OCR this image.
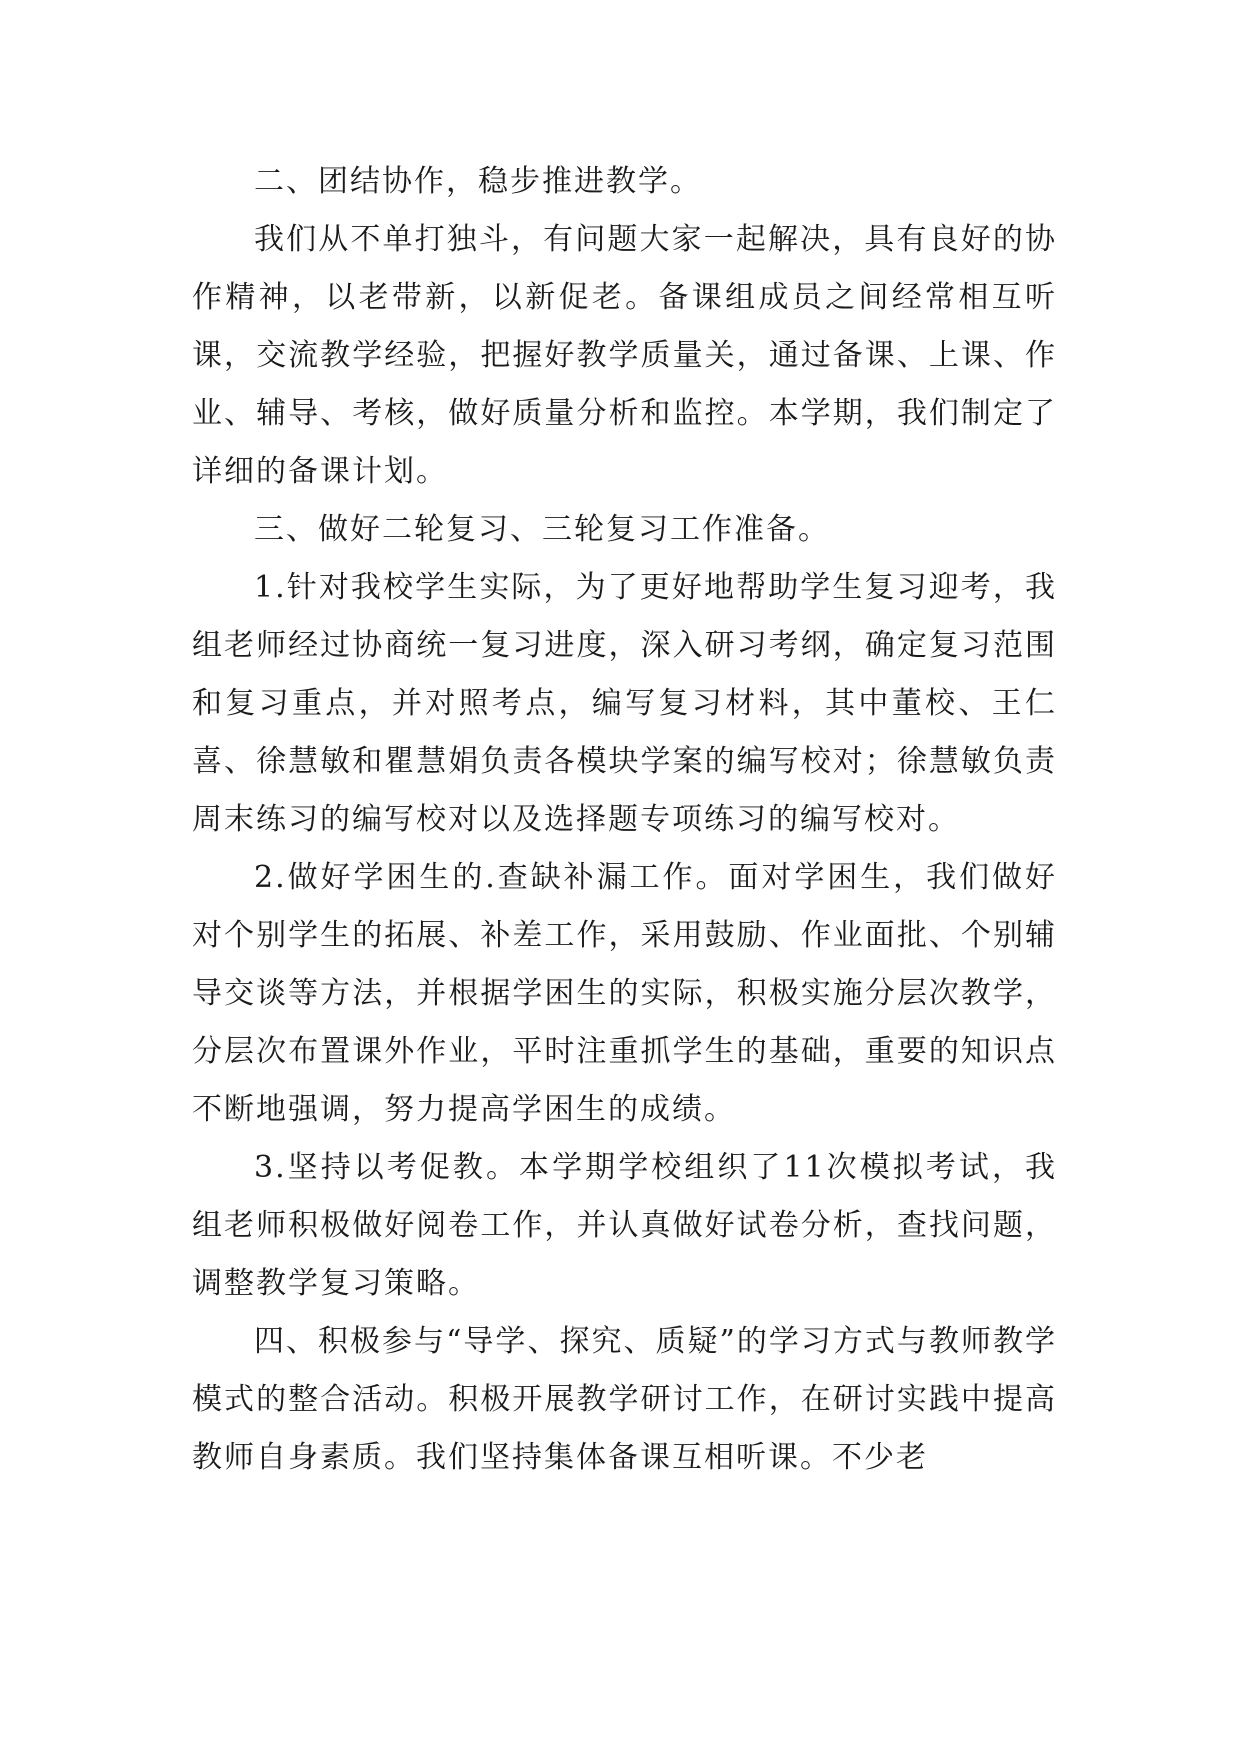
二、团结协作，稳步推进教学。

我们从不单打独斗，有问题大家一起解决，具有良好的协作精神，以老带新，以新促老。备课组成员之间经常相互听课，交流教学经验，把握好教学质量关，通过备课、上课、作业、辅导、考核，做好质量分析和监控。本学期，我们制定了详细的备课计划。

三、做好二轮复习、三轮复习工作准备。

1.针对我校学生实际，为了更好地帮助学生复习迎考，我组老师经过协商统一复习进度，深入研习考纲，确定复习范围和复习重点，并对照考点，编写复习材料，其中董校、王仁喜、徐慧敏和瞿慧娟负责各模块学案的编写校对；徐慧敏负责周末练习的编写校对以及选择题专项练习的编写校对。

2.做好学困生的.查缺补漏工作。面对学困生，我们做好对个别学生的拓展、补差工作，采用鼓励、作业面批、个别辅导交谈等方法，并根据学困生的实际，积极实施分层次教学，分层次布置课外作业，平时注重抓学生的基础，重要的知识点不断地强调，努力提高学困生的成绩。

3.坚持以考促教。本学期学校组织了11次模拟考试，我组老师积极做好阅卷工作，并认真做好试卷分析，查找问题，调整教学复习策略。

四、积极参与“导学、探究、质疑”的学习方式与教师教学模式的整合活动。积极开展教学研讨工作，在研讨实践中提高教师自身素质。我们坚持集体备课互相听课。不少老
